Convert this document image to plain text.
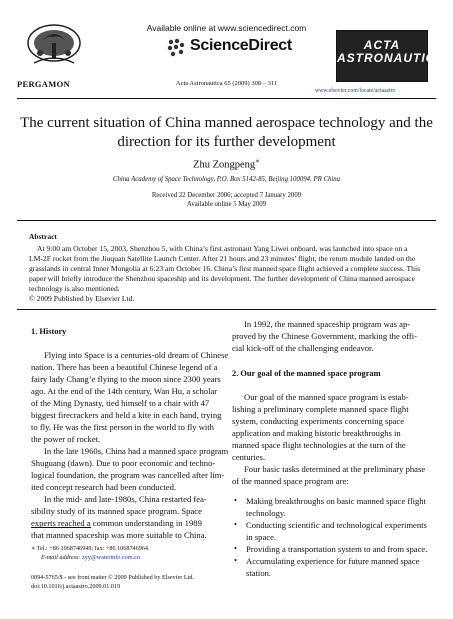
PERGAMON
Available online at www.sciencedirect.com
ScienceDirect
Acta Astronautica 65 (2009) 308 – 311
ACTA
ASTRONAUTICA
www.elsevier.com/locate/actaastro
The current situation of China manned aerospace technology and the
direction for its further development
Zhu Zongpeng∗
China Academy of Space Technology, P.O. Box 5142-85, Beijing 100094, PR China
Received 22 December 2006; accepted 7 January 2009
Available online 5 May 2009
Abstract
At 9:00 am October 15, 2003, Shenzhou 5, with China’s first astronaut Yang Liwei onboard, was launched into space on a
LM-2F rocket from the Jiuquan Satellite Launch Center. After 21 hours and 23 minutes’ flight, the return module landed on the
grasslands in central Inner Mongolia at 6:23 am October 16. China’s first manned space flight achieved a complete success. This
paper will briefly introduce the Shenzhou spaceship and its development. The further development of China manned aerospace
technology is also mentioned.
© 2009 Published by Elsevier Ltd.
1. History
Flying into Space is a centuries-old dream of Chinese
nation. There has been a beautiful Chinese legend of a
fairy lady Chang’e flying to the moon since 2300 years
ago. At the end of the 14th century, Wan Hu, a scholar
of the Ming Dynasty, tied himself to a chair with 47
biggest firecrackers and held a kite in each hand, trying
to fly. He was the first person in the world to fly with
the power of rocket.
In the late 1960s, China had a manned space program
Shuguang (dawn). Due to poor economic and techno-
logical foundation, the program was cancelled after lim-
ited concept research had been conducted.
In the mid- and late-1980s, China restarted fea-
sibility study of its manned space program. Space
experts reached a common understanding in 1989
that manned spaceship was more suitable to China.
∗ Tel.: +86 1068746949; fax: +86 1068746964.
E-mail address: zyy@waterinfo.com.cn
0094-5765/$ - see front matter © 2009 Published by Elsevier Ltd.
doi:10.1016/j.actaastro.2009.01.019
In 1992, the manned spaceship program was ap-
proved by the Chinese Government, marking the offi-
cial kick-off of the challenging endeavor.
2. Our goal of the manned space program
Our goal of the manned space program is estab-
lishing a preliminary complete manned space flight
system, conducting experiments concerning space
application and making historic breakthroughs in
manned space flight technologies at the turn of the
centuries.
Four basic tasks determined at the preliminary phase
of the manned space program are:
• Making breakthroughs on basic manned space flight
technology.
• Conducting scientific and technological experiments
in space.
• Providing a transportation system to and from space.
• Accumulating experience for future manned space
station.
